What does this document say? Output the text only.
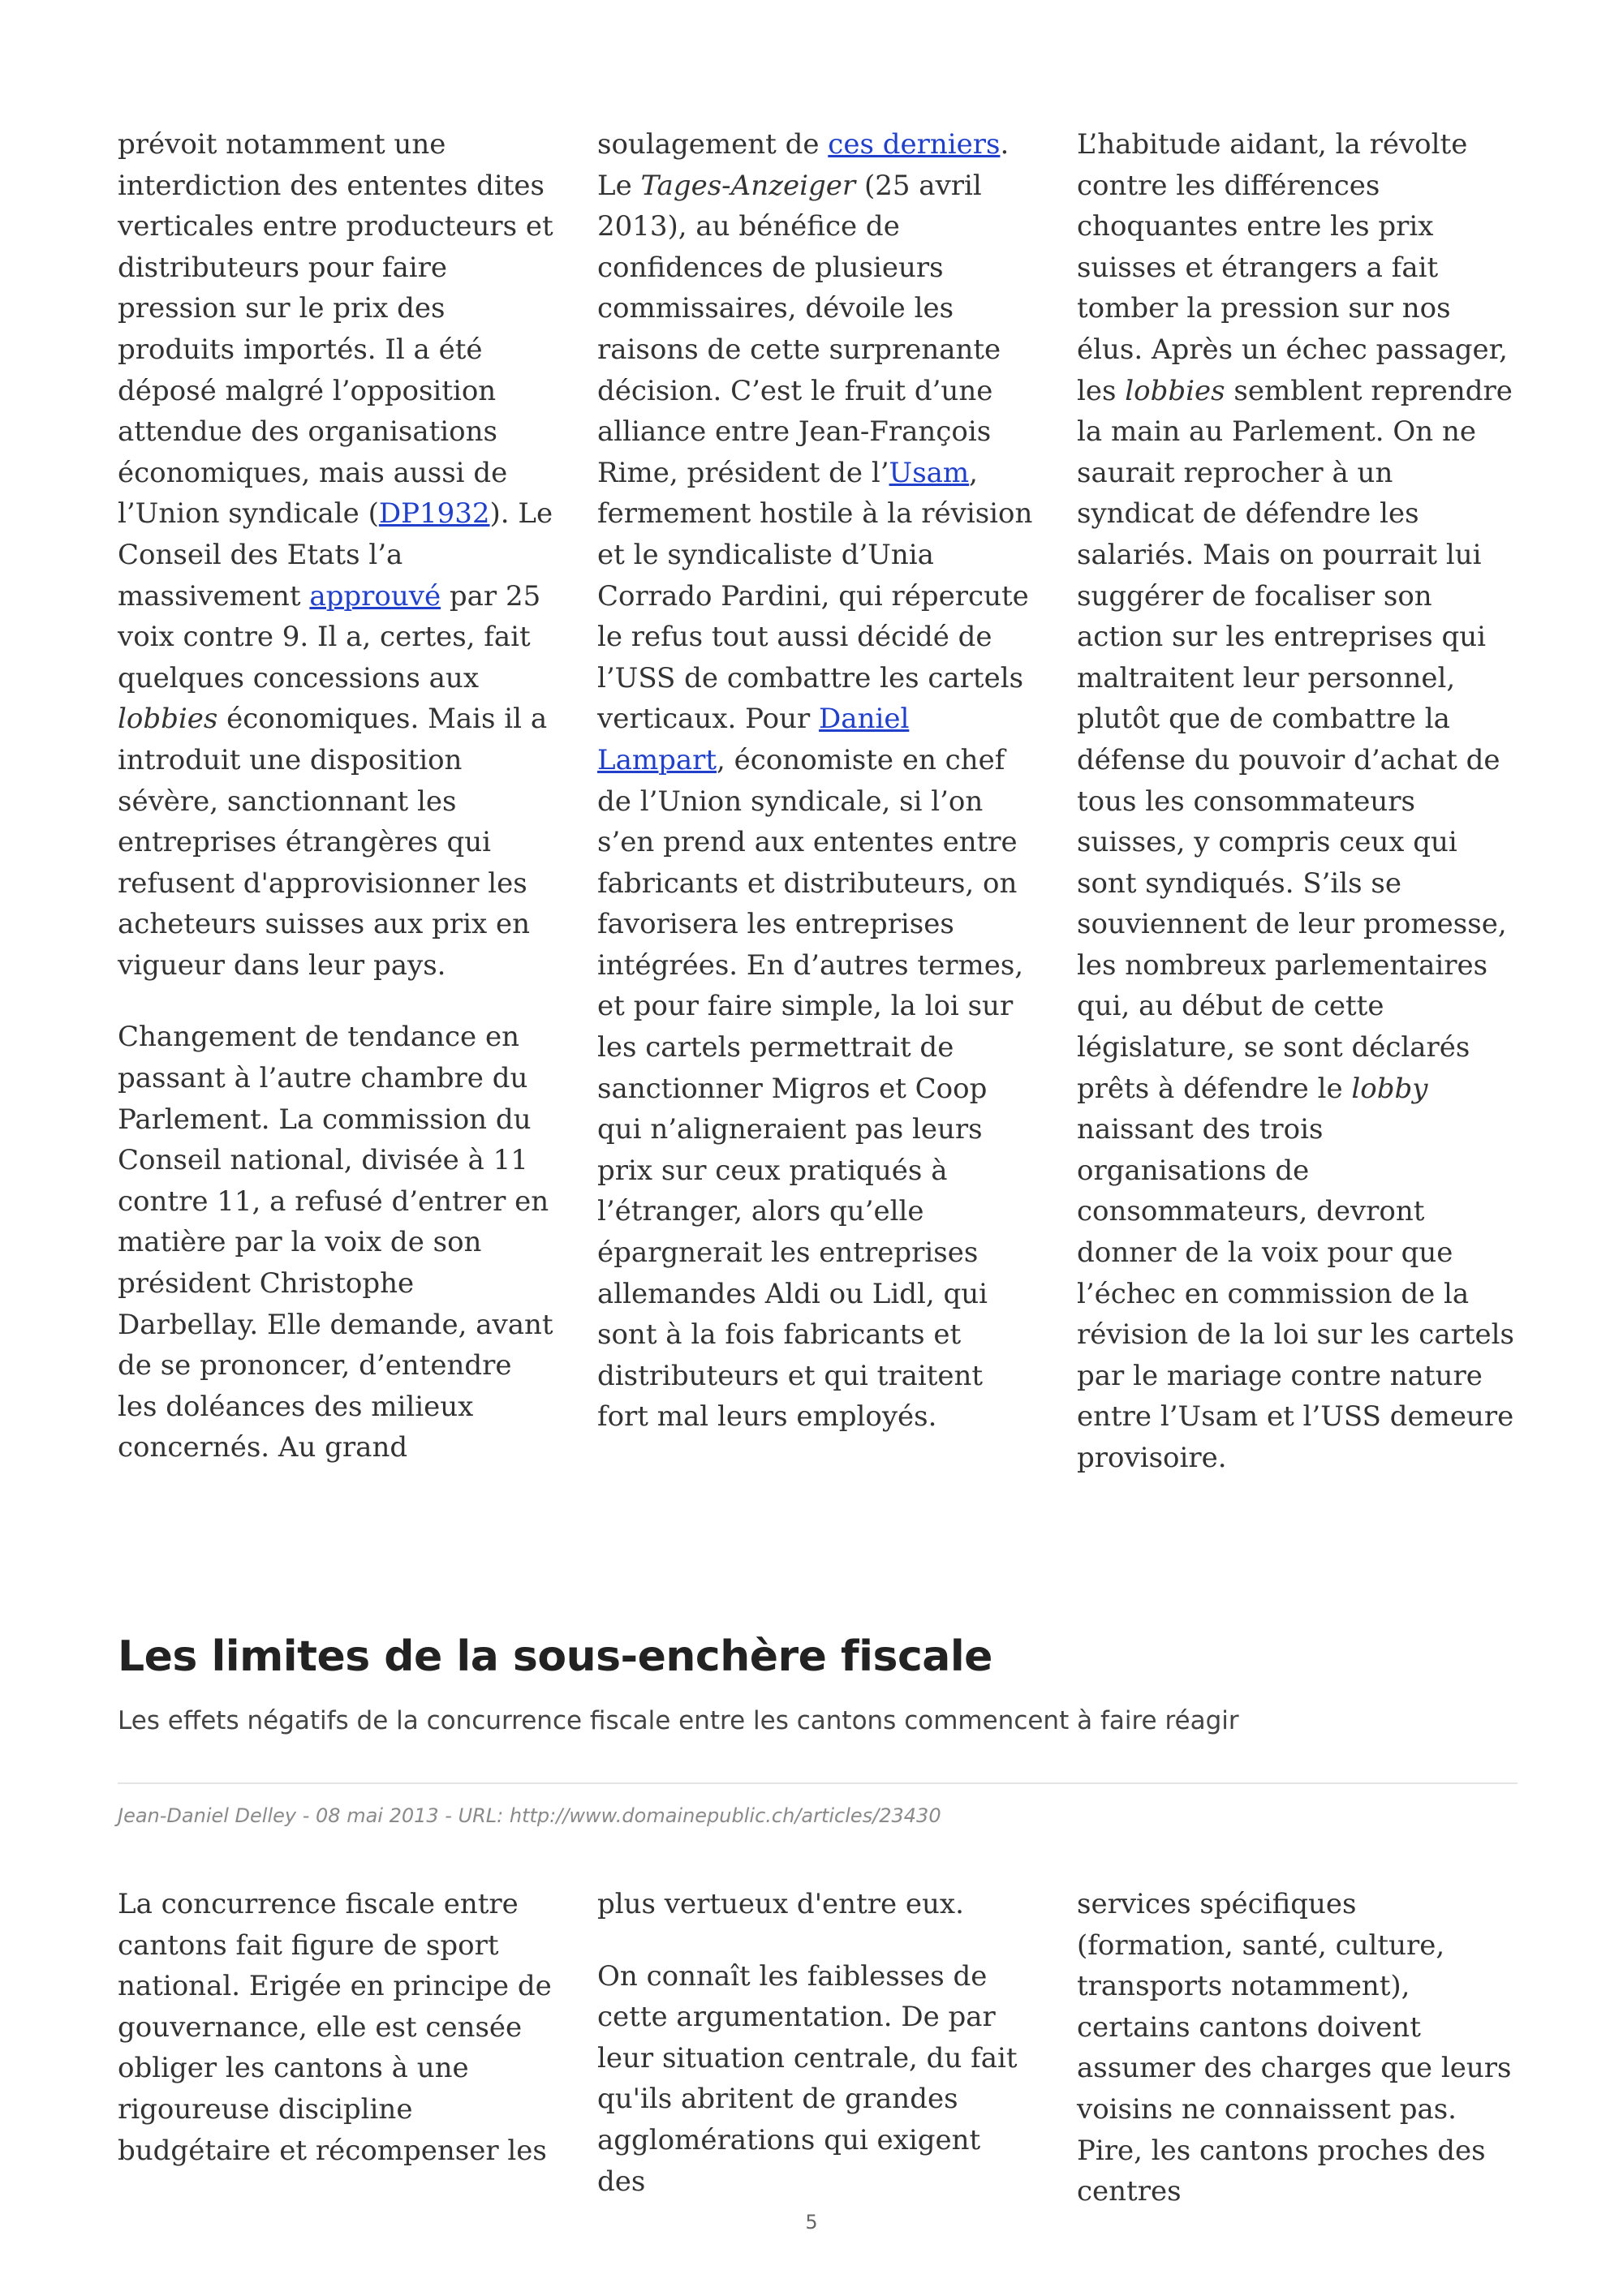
prévoit notamment une interdiction des ententes dites verticales entre producteurs et distributeurs pour faire pression sur le prix des produits importés. Il a été déposé malgré l’opposition attendue des organisations économiques, mais aussi de l’Union syndicale (DP1932). Le Conseil des Etats l’a massivement approuvé par 25 voix contre 9. Il a, certes, fait quelques concessions aux lobbies économiques. Mais il a introduit une disposition sévère, sanctionnant les entreprises étrangères qui refusent d'approvisionner les acheteurs suisses aux prix en vigueur dans leur pays.

Changement de tendance en passant à l’autre chambre du Parlement. La commission du Conseil national, divisée à 11 contre 11, a refusé d’entrer en matière par la voix de son président Christophe Darbellay. Elle demande, avant de se prononcer, d’entendre les doléances des milieux concernés. Au grand

soulagement de ces derniers. Le Tages-Anzeiger (25 avril 2013), au bénéfice de confidences de plusieurs commissaires, dévoile les raisons de cette surprenante décision. C’est le fruit d’une alliance entre Jean-François Rime, président de l’Usam, fermement hostile à la révision et le syndicaliste d’Unia Corrado Pardini, qui répercute le refus tout aussi décidé de l’USS de combattre les cartels verticaux. Pour Daniel Lampart, économiste en chef de l’Union syndicale, si l’on s’en prend aux ententes entre fabricants et distributeurs, on favorisera les entreprises intégrées. En d’autres termes, et pour faire simple, la loi sur les cartels permettrait de sanctionner Migros et Coop qui n’aligneraient pas leurs prix sur ceux pratiqués à l’étranger, alors qu’elle épargnerait les entreprises allemandes Aldi ou Lidl, qui sont à la fois fabricants et distributeurs et qui traitent fort mal leurs employés.

L’habitude aidant, la révolte contre les différences choquantes entre les prix suisses et étrangers a fait tomber la pression sur nos élus. Après un échec passager, les lobbies semblent reprendre la main au Parlement. On ne saurait reprocher à un syndicat de défendre les salariés. Mais on pourrait lui suggérer de focaliser son action sur les entreprises qui maltraitent leur personnel, plutôt que de combattre la défense du pouvoir d’achat de tous les consommateurs suisses, y compris ceux qui sont syndiqués. S’ils se souviennent de leur promesse, les nombreux parlementaires qui, au début de cette législature, se sont déclarés prêts à défendre le lobby naissant des trois organisations de consommateurs, devront donner de la voix pour que l’échec en commission de la révision de la loi sur les cartels par le mariage contre nature entre l’Usam et l’USS demeure provisoire.

Les limites de la sous-enchère fiscale

Les effets négatifs de la concurrence fiscale entre les cantons commencent à faire réagir

Jean-Daniel Delley - 08 mai 2013 - URL: http://www.domainepublic.ch/articles/23430

La concurrence fiscale entre cantons fait figure de sport national. Erigée en principe de gouvernance, elle est censée obliger les cantons à une rigoureuse discipline budgétaire et récompenser les

plus vertueux d'entre eux.

On connaît les faiblesses de cette argumentation. De par leur situation centrale, du fait qu'ils abritent de grandes agglomérations qui exigent des

services spécifiques (formation, santé, culture, transports notamment), certains cantons doivent assumer des charges que leurs voisins ne connaissent pas. Pire, les cantons proches des centres

5
